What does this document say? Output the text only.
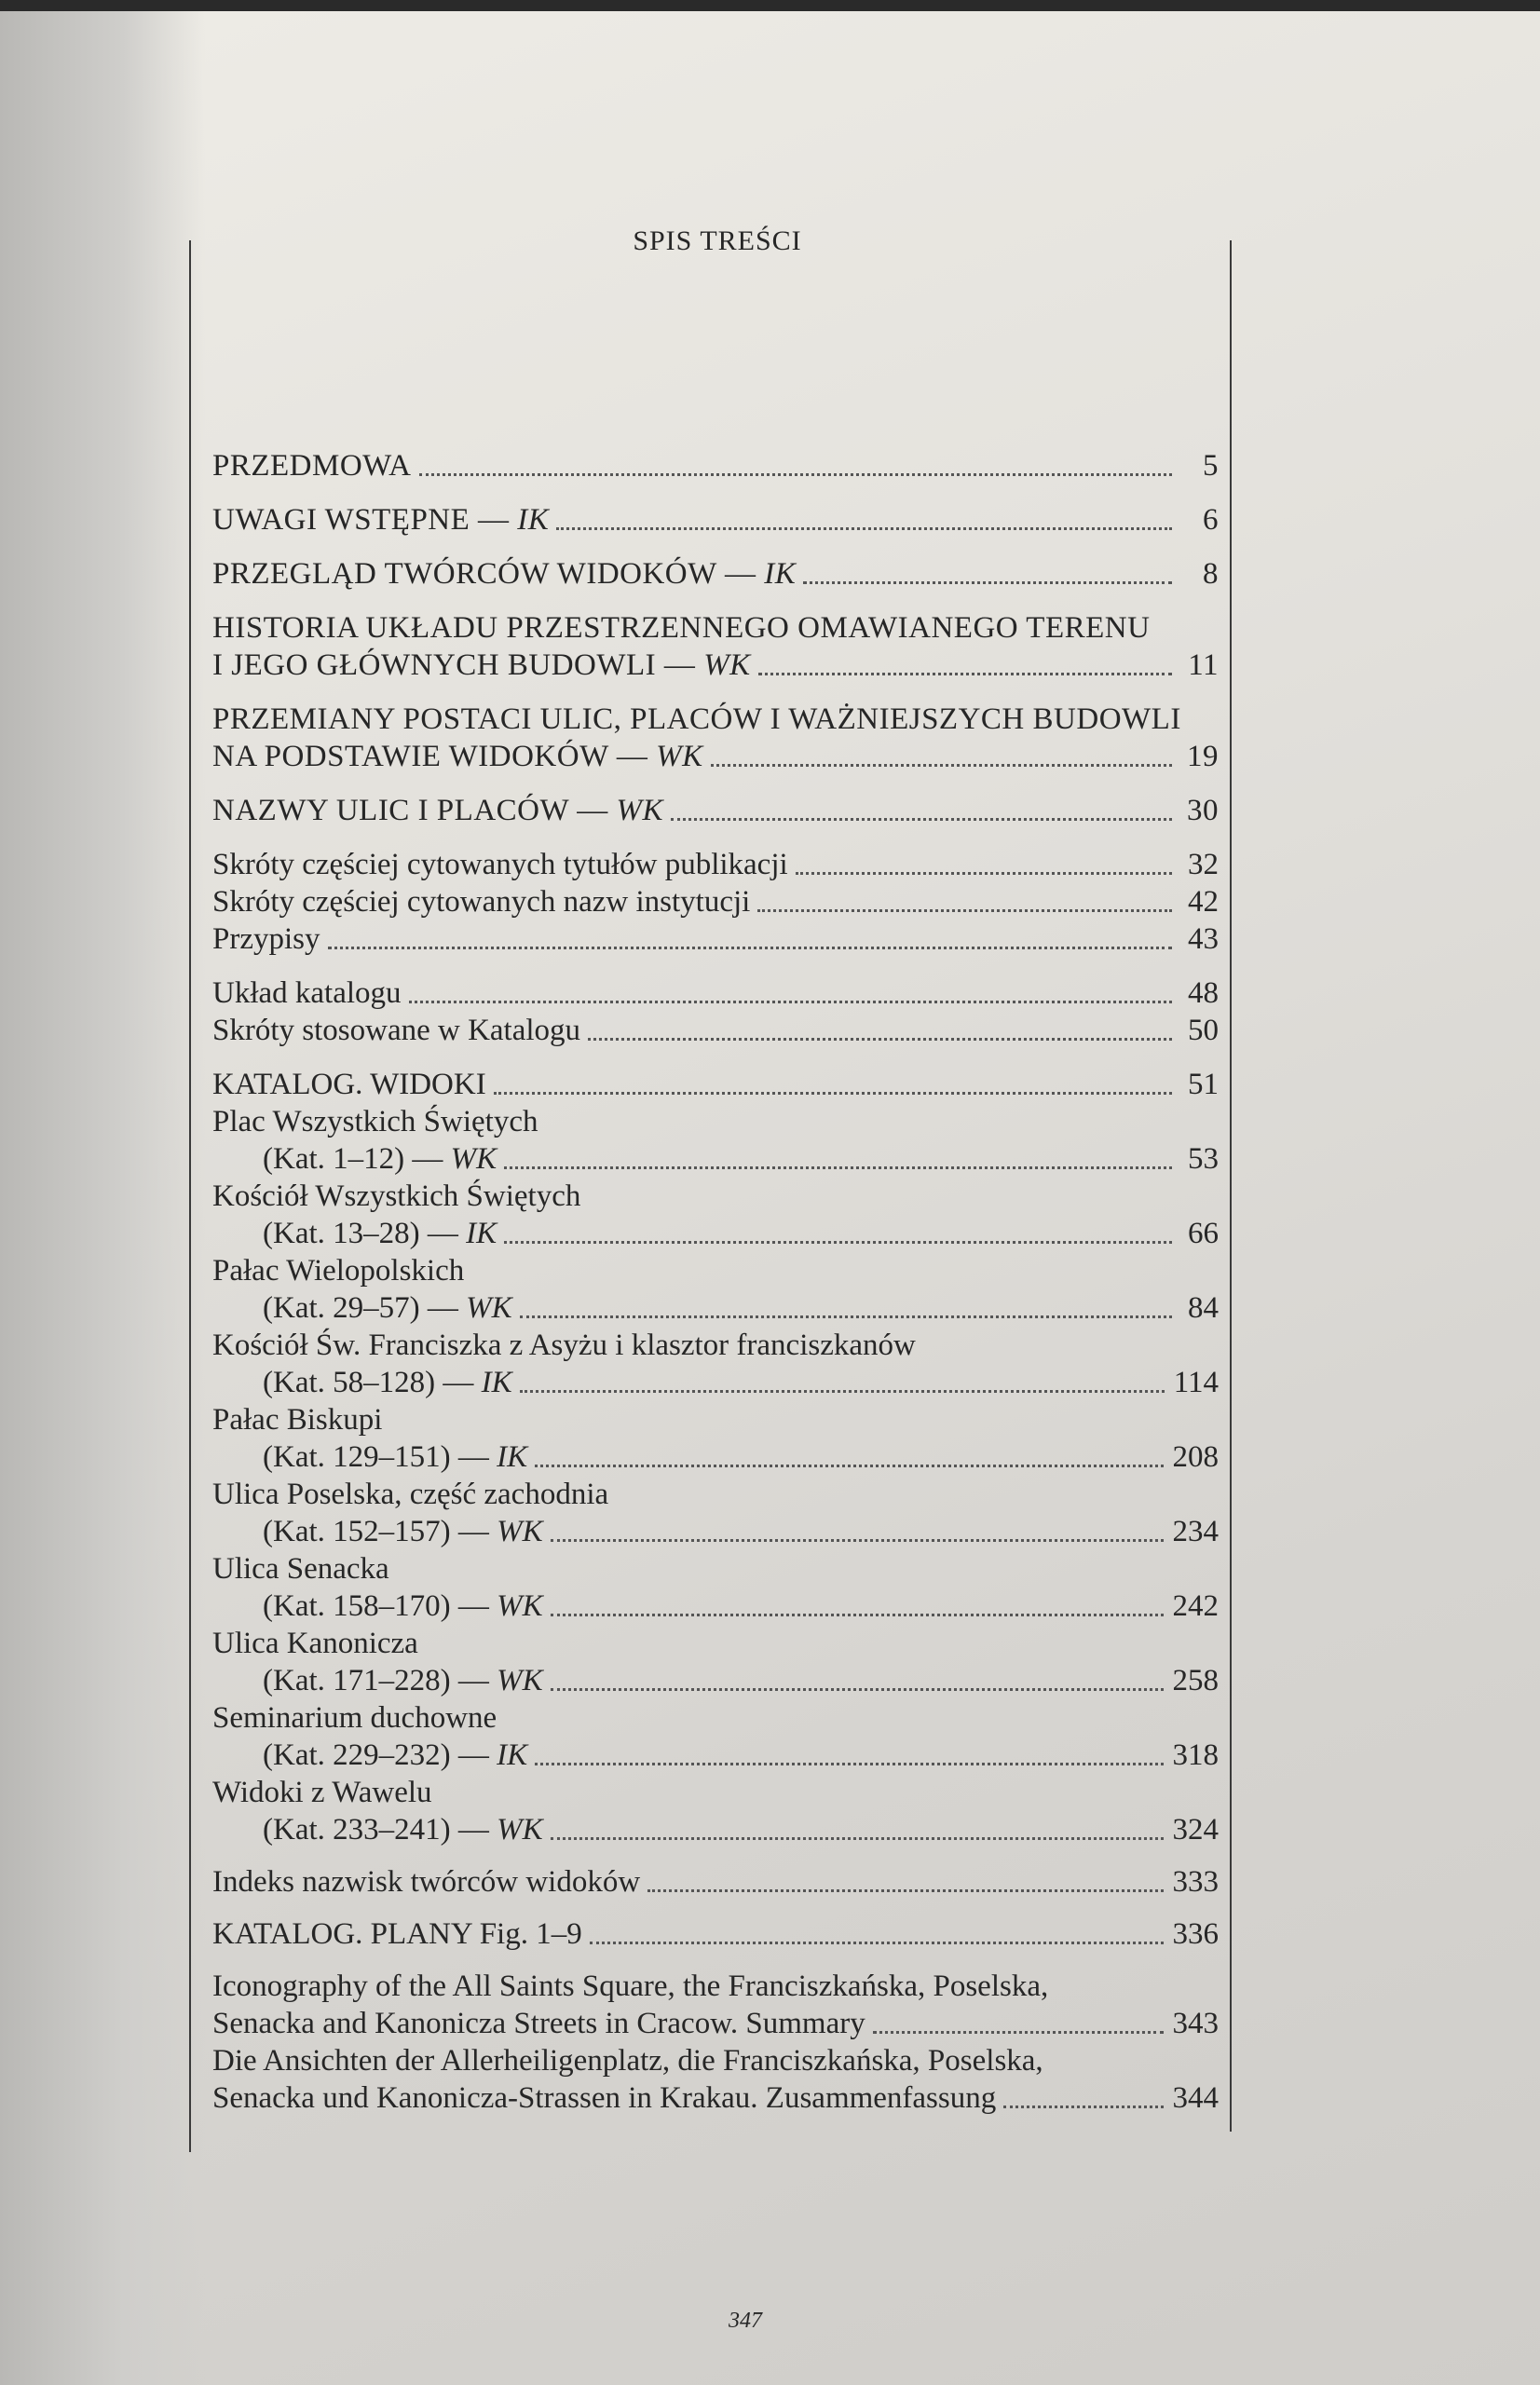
SPIS TREŚCI
PRZEDMOWA	5
UWAGI WSTĘPNE — IK	6
PRZEGLĄD TWÓRCÓW WIDOKÓW — IK	8
HISTORIA UKŁADU PRZESTRZENNEGO OMAWIANEGO TERENU
I JEGO GŁÓWNYCH BUDOWLI — WK	11
PRZEMIANY POSTACI ULIC, PLACÓW I WAŻNIEJSZYCH BUDOWLI
NA PODSTAWIE WIDOKÓW — WK	19
NAZWY ULIC I PLACÓW — WK	30
Skróty częściej cytowanych tytułów publikacji	32
Skróty częściej cytowanych nazw instytucji	42
Przypisy	43
Układ katalogu	48
Skróty stosowane w Katalogu	50
KATALOG. WIDOKI	51
Plac Wszystkich Świętych
(Kat. 1–12) — WK	53
Kościół Wszystkich Świętych
(Kat. 13–28) — IK	66
Pałac Wielopolskich
(Kat. 29–57) — WK	84
Kościół Św. Franciszka z Asyżu i klasztor franciszkanów
(Kat. 58–128) — IK	114
Pałac Biskupi
(Kat. 129–151) — IK	208
Ulica Poselska, część zachodnia
(Kat. 152–157) — WK	234
Ulica Senacka
(Kat. 158–170) — WK	242
Ulica Kanonicza
(Kat. 171–228) — WK	258
Seminarium duchowne
(Kat. 229–232) — IK	318
Widoki z Wawelu
(Kat. 233–241) — WK	324
Indeks nazwisk twórców widoków	333
KATALOG. PLANY Fig. 1–9	336
Iconography of the All Saints Square, the Franciszkańska, Poselska,
Senacka and Kanonicza Streets in Cracow. Summary	343
Die Ansichten der Allerheiligenplatz, die Franciszkańska, Poselska,
Senacka und Kanonicza-Strassen in Krakau. Zusammenfassung	344
347
